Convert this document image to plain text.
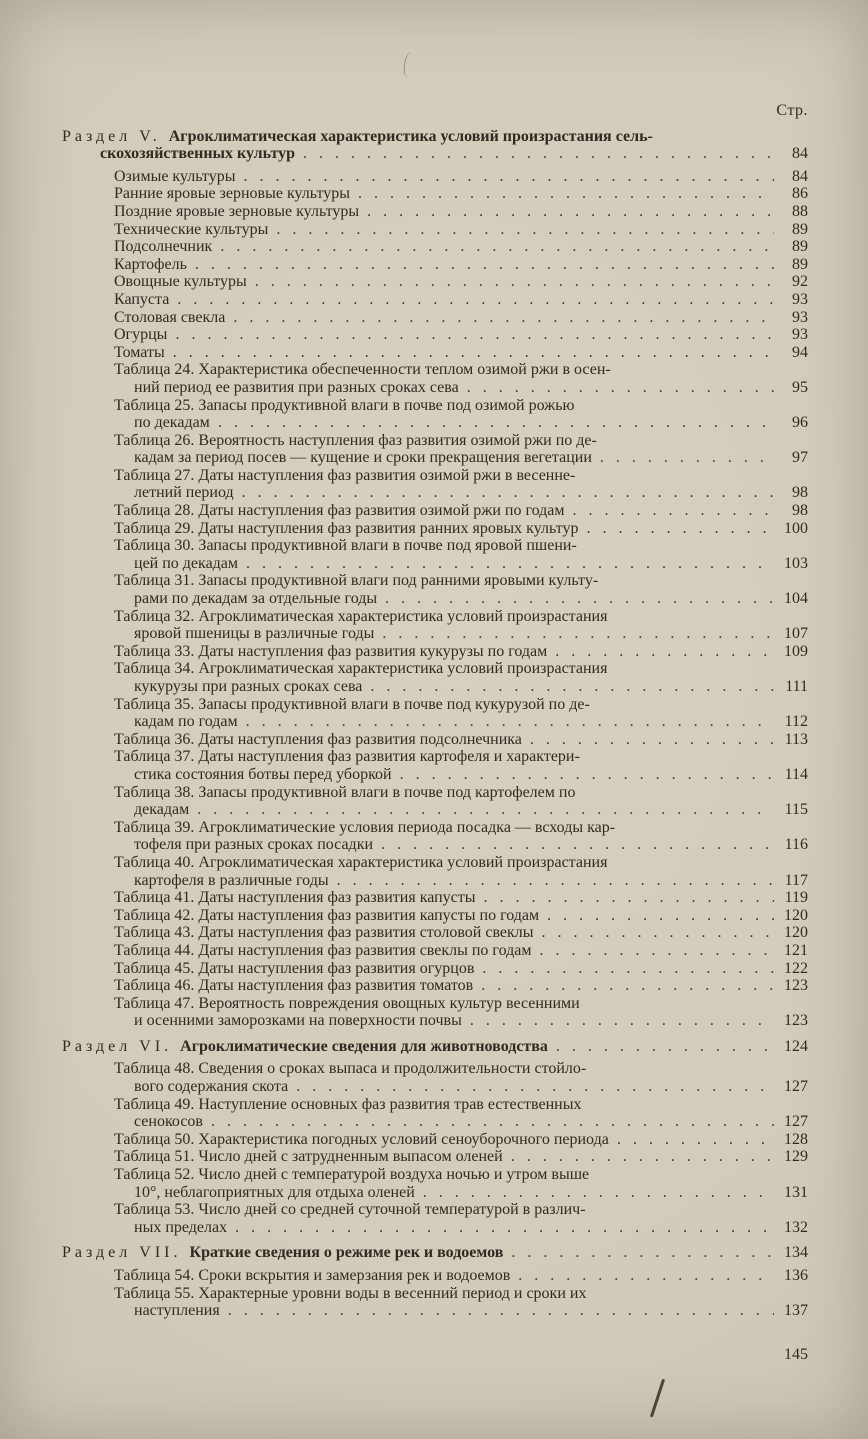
Стр.
Раздел V. Агроклиматическая характеристика условий произрастания сель-
скохозяйственных культур . . .	84
Озимые культуры . . .	84
Ранние яровые зерновые культуры . . .	86
Поздние яровые зерновые культуры . . .	88
Технические культуры . . .	89
Подсолнечник . . .	89
Картофель . . .	89
Овощные культуры . . .	92
Капуста . . .	93
Столовая свекла . . .	93
Огурцы . . .	93
Томаты . . .	94
Таблица 24. Характеристика обеспеченности теплом озимой ржи в осен-
ний период ее развития при разных сроках сева . . .	95
Таблица 25. Запасы продуктивной влаги в почве под озимой рожью
по декадам . . .	96
Таблица 26. Вероятность наступления фаз развития озимой ржи по де-
кадам за период посев — кущение и сроки прекращения вегетации . . .	97
Таблица 27. Даты наступления фаз развития озимой ржи в весенне-
летний период . . .	98
Таблица 28. Даты наступления фаз развития озимой ржи по годам . . .	98
Таблица 29. Даты наступления фаз развития ранних яровых культур . . .	100
Таблица 30. Запасы продуктивной влаги в почве под яровой пшени-
цей по декадам . . .	103
Таблица 31. Запасы продуктивной влаги под ранними яровыми культу-
рами по декадам за отдельные годы . . .	104
Таблица 32. Агроклиматическая характеристика условий произрастания
яровой пшеницы в различные годы . . .	107
Таблица 33. Даты наступления фаз развития кукурузы по годам . . .	109
Таблица 34. Агроклиматическая характеристика условий произрастания
кукурузы при разных сроках сева . . .	111
Таблица 35. Запасы продуктивной влаги в почве под кукурузой по де-
кадам по годам . . .	112
Таблица 36. Даты наступления фаз развития подсолнечника . . .	113
Таблица 37. Даты наступления фаз развития картофеля и характери-
стика состояния ботвы перед уборкой . . .	114
Таблица 38. Запасы продуктивной влаги в почве под картофелем по
декадам . . .	115
Таблица 39. Агроклиматические условия периода посадка — всходы кар-
тофеля при разных сроках посадки . . .	116
Таблица 40. Агроклиматическая характеристика условий произрастания
картофеля в различные годы . . .	117
Таблица 41. Даты наступления фаз развития капусты . . .	119
Таблица 42. Даты наступления фаз развития капусты по годам . . .	120
Таблица 43. Даты наступления фаз развития столовой свеклы . . .	120
Таблица 44. Даты наступления фаз развития свеклы по годам . . .	121
Таблица 45. Даты наступления фаз развития огурцов . . .	122
Таблица 46. Даты наступления фаз развития томатов . . .	123
Таблица 47. Вероятность повреждения овощных культур весенними
и осенними заморозками на поверхности почвы . . .	123
Раздел VI. Агроклиматические сведения для животноводства . . .	124
Таблица 48. Сведения о сроках выпаса и продолжительности стойло-
вого содержания скота . . .	127
Таблица 49. Наступление основных фаз развития трав естественных
сенокосов . . .	127
Таблица 50. Характеристика погодных условий сеноуборочного периода . . .	128
Таблица 51. Число дней с затрудненным выпасом оленей . . .	129
Таблица 52. Число дней с температурой воздуха ночью и утром выше
10°, неблагоприятных для отдыха оленей . . .	131
Таблица 53. Число дней со средней суточной температурой в различ-
ных пределах . . .	132
Раздел VII. Краткие сведения о режиме рек и водоемов . . .	134
Таблица 54. Сроки вскрытия и замерзания рек и водоемов . . .	136
Таблица 55. Характерные уровни воды в весенний период и сроки их
наступления . . .	137
145
